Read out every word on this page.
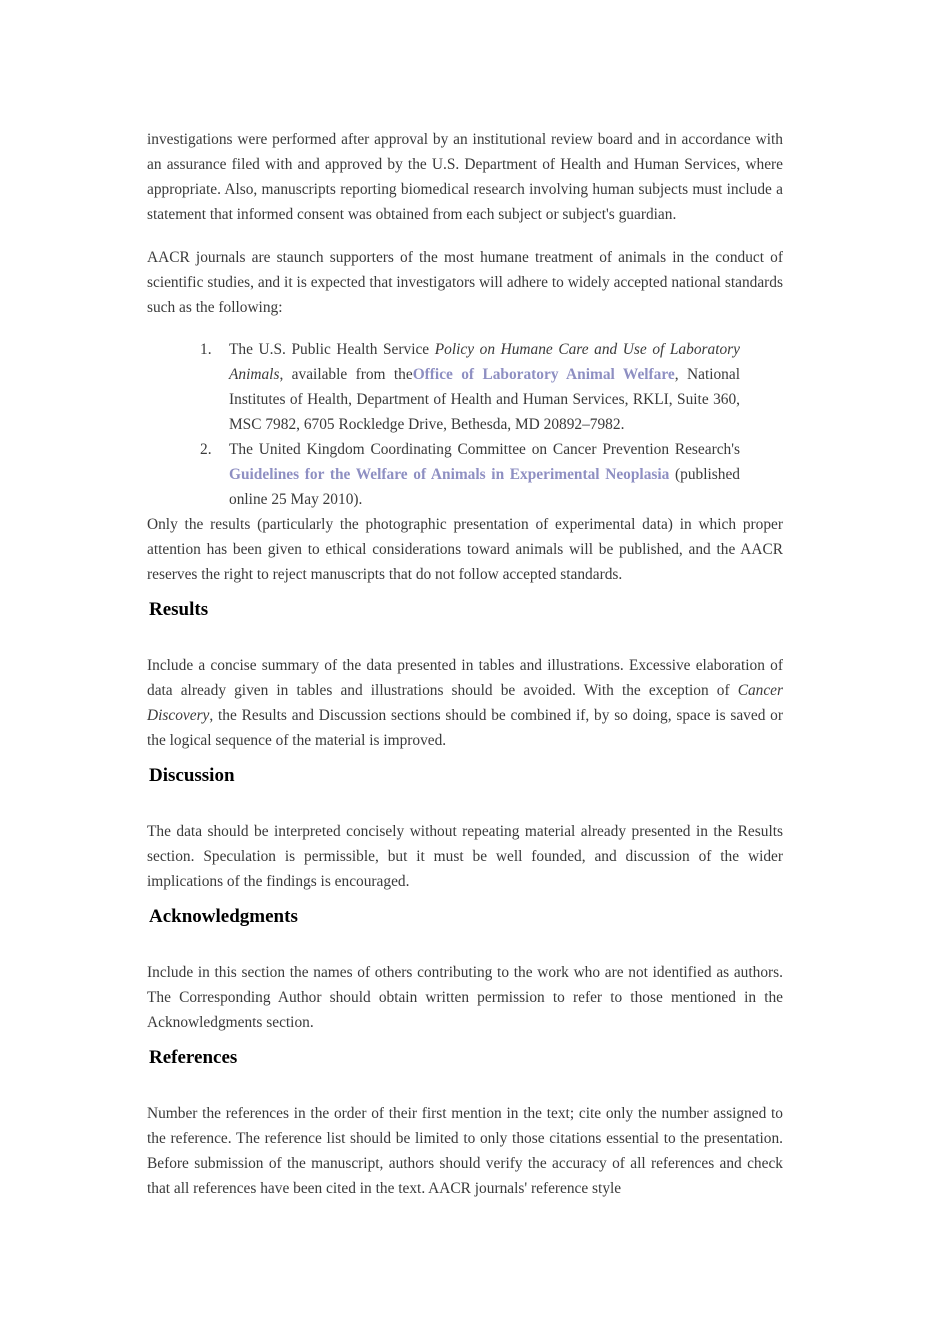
investigations were performed after approval by an institutional review board and in accordance with an assurance filed with and approved by the U.S. Department of Health and Human Services, where appropriate. Also, manuscripts reporting biomedical research involving human subjects must include a statement that informed consent was obtained from each subject or subject's guardian.

AACR journals are staunch supporters of the most humane treatment of animals in the conduct of scientific studies, and it is expected that investigators will adhere to widely accepted national standards such as the following:

1. The U.S. Public Health Service Policy on Humane Care and Use of Laboratory Animals, available from theOffice of Laboratory Animal Welfare, National Institutes of Health, Department of Health and Human Services, RKLI, Suite 360, MSC 7982, 6705 Rockledge Drive, Bethesda, MD 20892–7982.
2. The United Kingdom Coordinating Committee on Cancer Prevention Research's Guidelines for the Welfare of Animals in Experimental Neoplasia (published online 25 May 2010).

Only the results (particularly the photographic presentation of experimental data) in which proper attention has been given to ethical considerations toward animals will be published, and the AACR reserves the right to reject manuscripts that do not follow accepted standards.

Results

Include a concise summary of the data presented in tables and illustrations. Excessive elaboration of data already given in tables and illustrations should be avoided. With the exception of Cancer Discovery, the Results and Discussion sections should be combined if, by so doing, space is saved or the logical sequence of the material is improved.

Discussion

The data should be interpreted concisely without repeating material already presented in the Results section. Speculation is permissible, but it must be well founded, and discussion of the wider implications of the findings is encouraged.

Acknowledgments

Include in this section the names of others contributing to the work who are not identified as authors. The Corresponding Author should obtain written permission to refer to those mentioned in the Acknowledgments section.

References

Number the references in the order of their first mention in the text; cite only the number assigned to the reference. The reference list should be limited to only those citations essential to the presentation. Before submission of the manuscript, authors should verify the accuracy of all references and check that all references have been cited in the text. AACR journals' reference style
